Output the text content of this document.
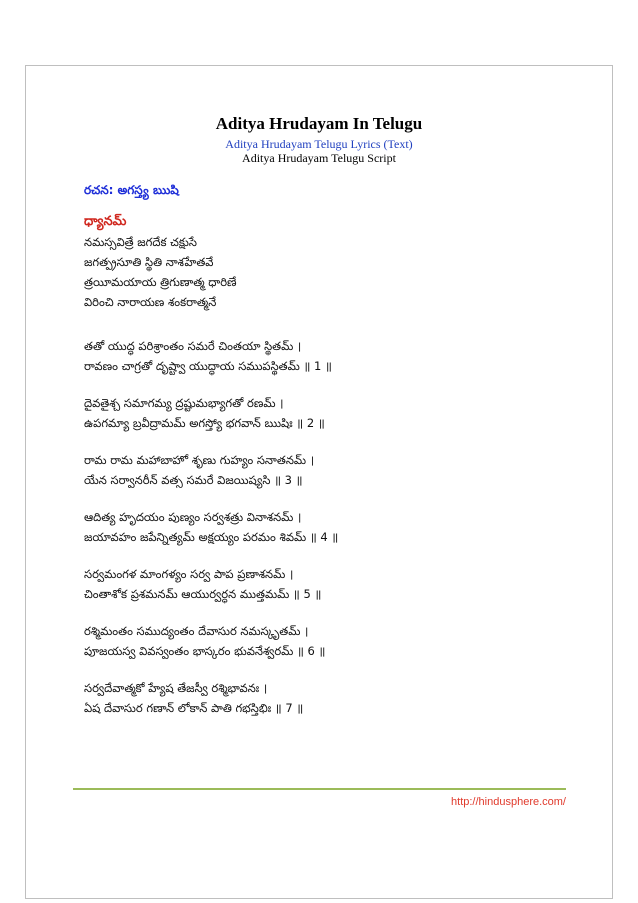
Aditya Hrudayam In Telugu
Aditya Hrudayam Telugu Lyrics (Text)
Aditya Hrudayam Telugu Script
రచన: అగస్త్య ఋషి
ధ్యానమ్
నమస్సవిత్రే జగదేక చక్షుసే
జగత్ప్రసూతి స్థితి నాశహేతవే
త్రయీమయాయ త్రిగుణాత్మ ధారిణే
విరించి నారాయణ శంకరాత్మనే
తతో యుద్ధ పరిశ్రాంతం సమరే చింతయా స్థితమ్ ।
రావణం చాగ్రతో దృష్ట్వా యుద్ధాయ సముపస్థితమ్ ॥ 1 ॥
దైవతైశ్చ సమాగమ్య ద్రష్టుమభ్యాగతో రణమ్ ।
ఉపగమ్యా బ్రవీద్రామమ్ అగస్త్యో భగవాన్ ఋషిః ॥ 2 ॥
రామ రామ మహాబాహో శృణు గుహ్యం సనాతనమ్ ।
యేన సర్వానరీన్ వత్స సమరే విజయిష్యసి ॥ 3 ॥
ఆదిత్య హృదయం పుణ్యం సర్వశత్రు వినాశనమ్ ।
జయావహం జపేన్నిత్యమ్ అక్షయ్యం పరమం శివమ్ ॥ 4 ॥
సర్వమంగళ మాంగళ్యం సర్వ పాప ప్రణాశనమ్ ।
చింతాశోక ప్రశమనమ్ ఆయుర్వర్ధన ముత్తమమ్ ॥ 5 ॥
రశ్మిమంతం సముద్యంతం దేవాసుర నమస్కృతమ్ ।
పూజయస్వ వివస్వంతం భాస్కరం భువనేశ్వరమ్ ॥ 6 ॥
సర్వదేవాత్మకో హ్యేష తేజస్వీ రశ్మిభావనః ।
ఏష దేవాసుర గణాన్ లోకాన్ పాతి గభస్తిభిః ॥ 7 ॥
http://hindusphere.com/
